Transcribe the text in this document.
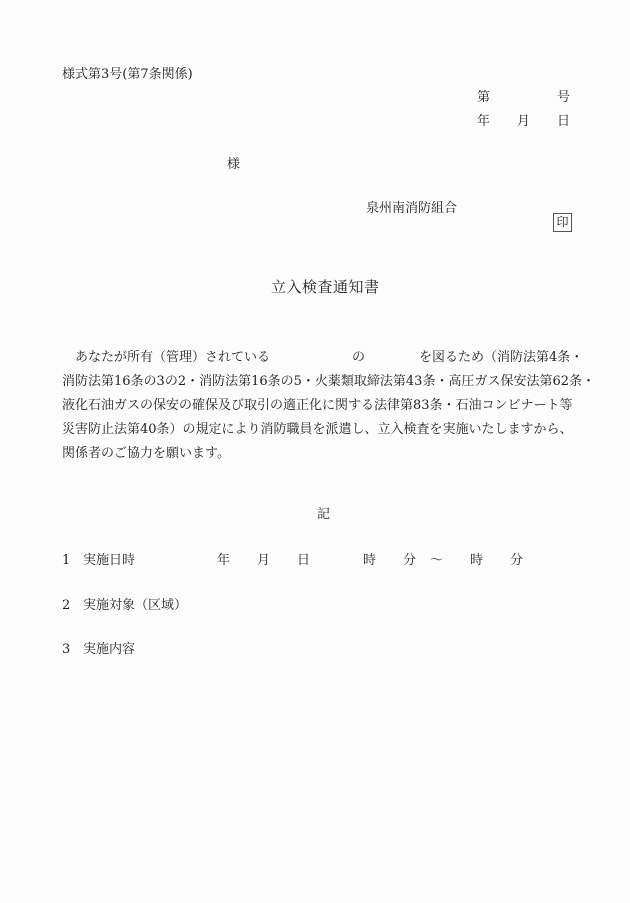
様式第3号(第7条関係)
第	号
年 月 日
様
泉州南消防組合
印
立入検査通知書
あなたが所有（管理）されている	の	を図るため（消防法第4条・
消防法第16条の3の2・消防法第16条の5・火薬類取締法第43条・高圧ガス保安法第62条・
液化石油ガスの保安の確保及び取引の適正化に関する法律第83条・石油コンビナート等
災害防止法第40条）の規定により消防職員を派遣し、立入検査を実施いたしますから、
関係者のご協力を願います。
記
1 実施日時	年 月 日	時 分 ～ 時 分
2 実施対象（区域）
3 実施内容
